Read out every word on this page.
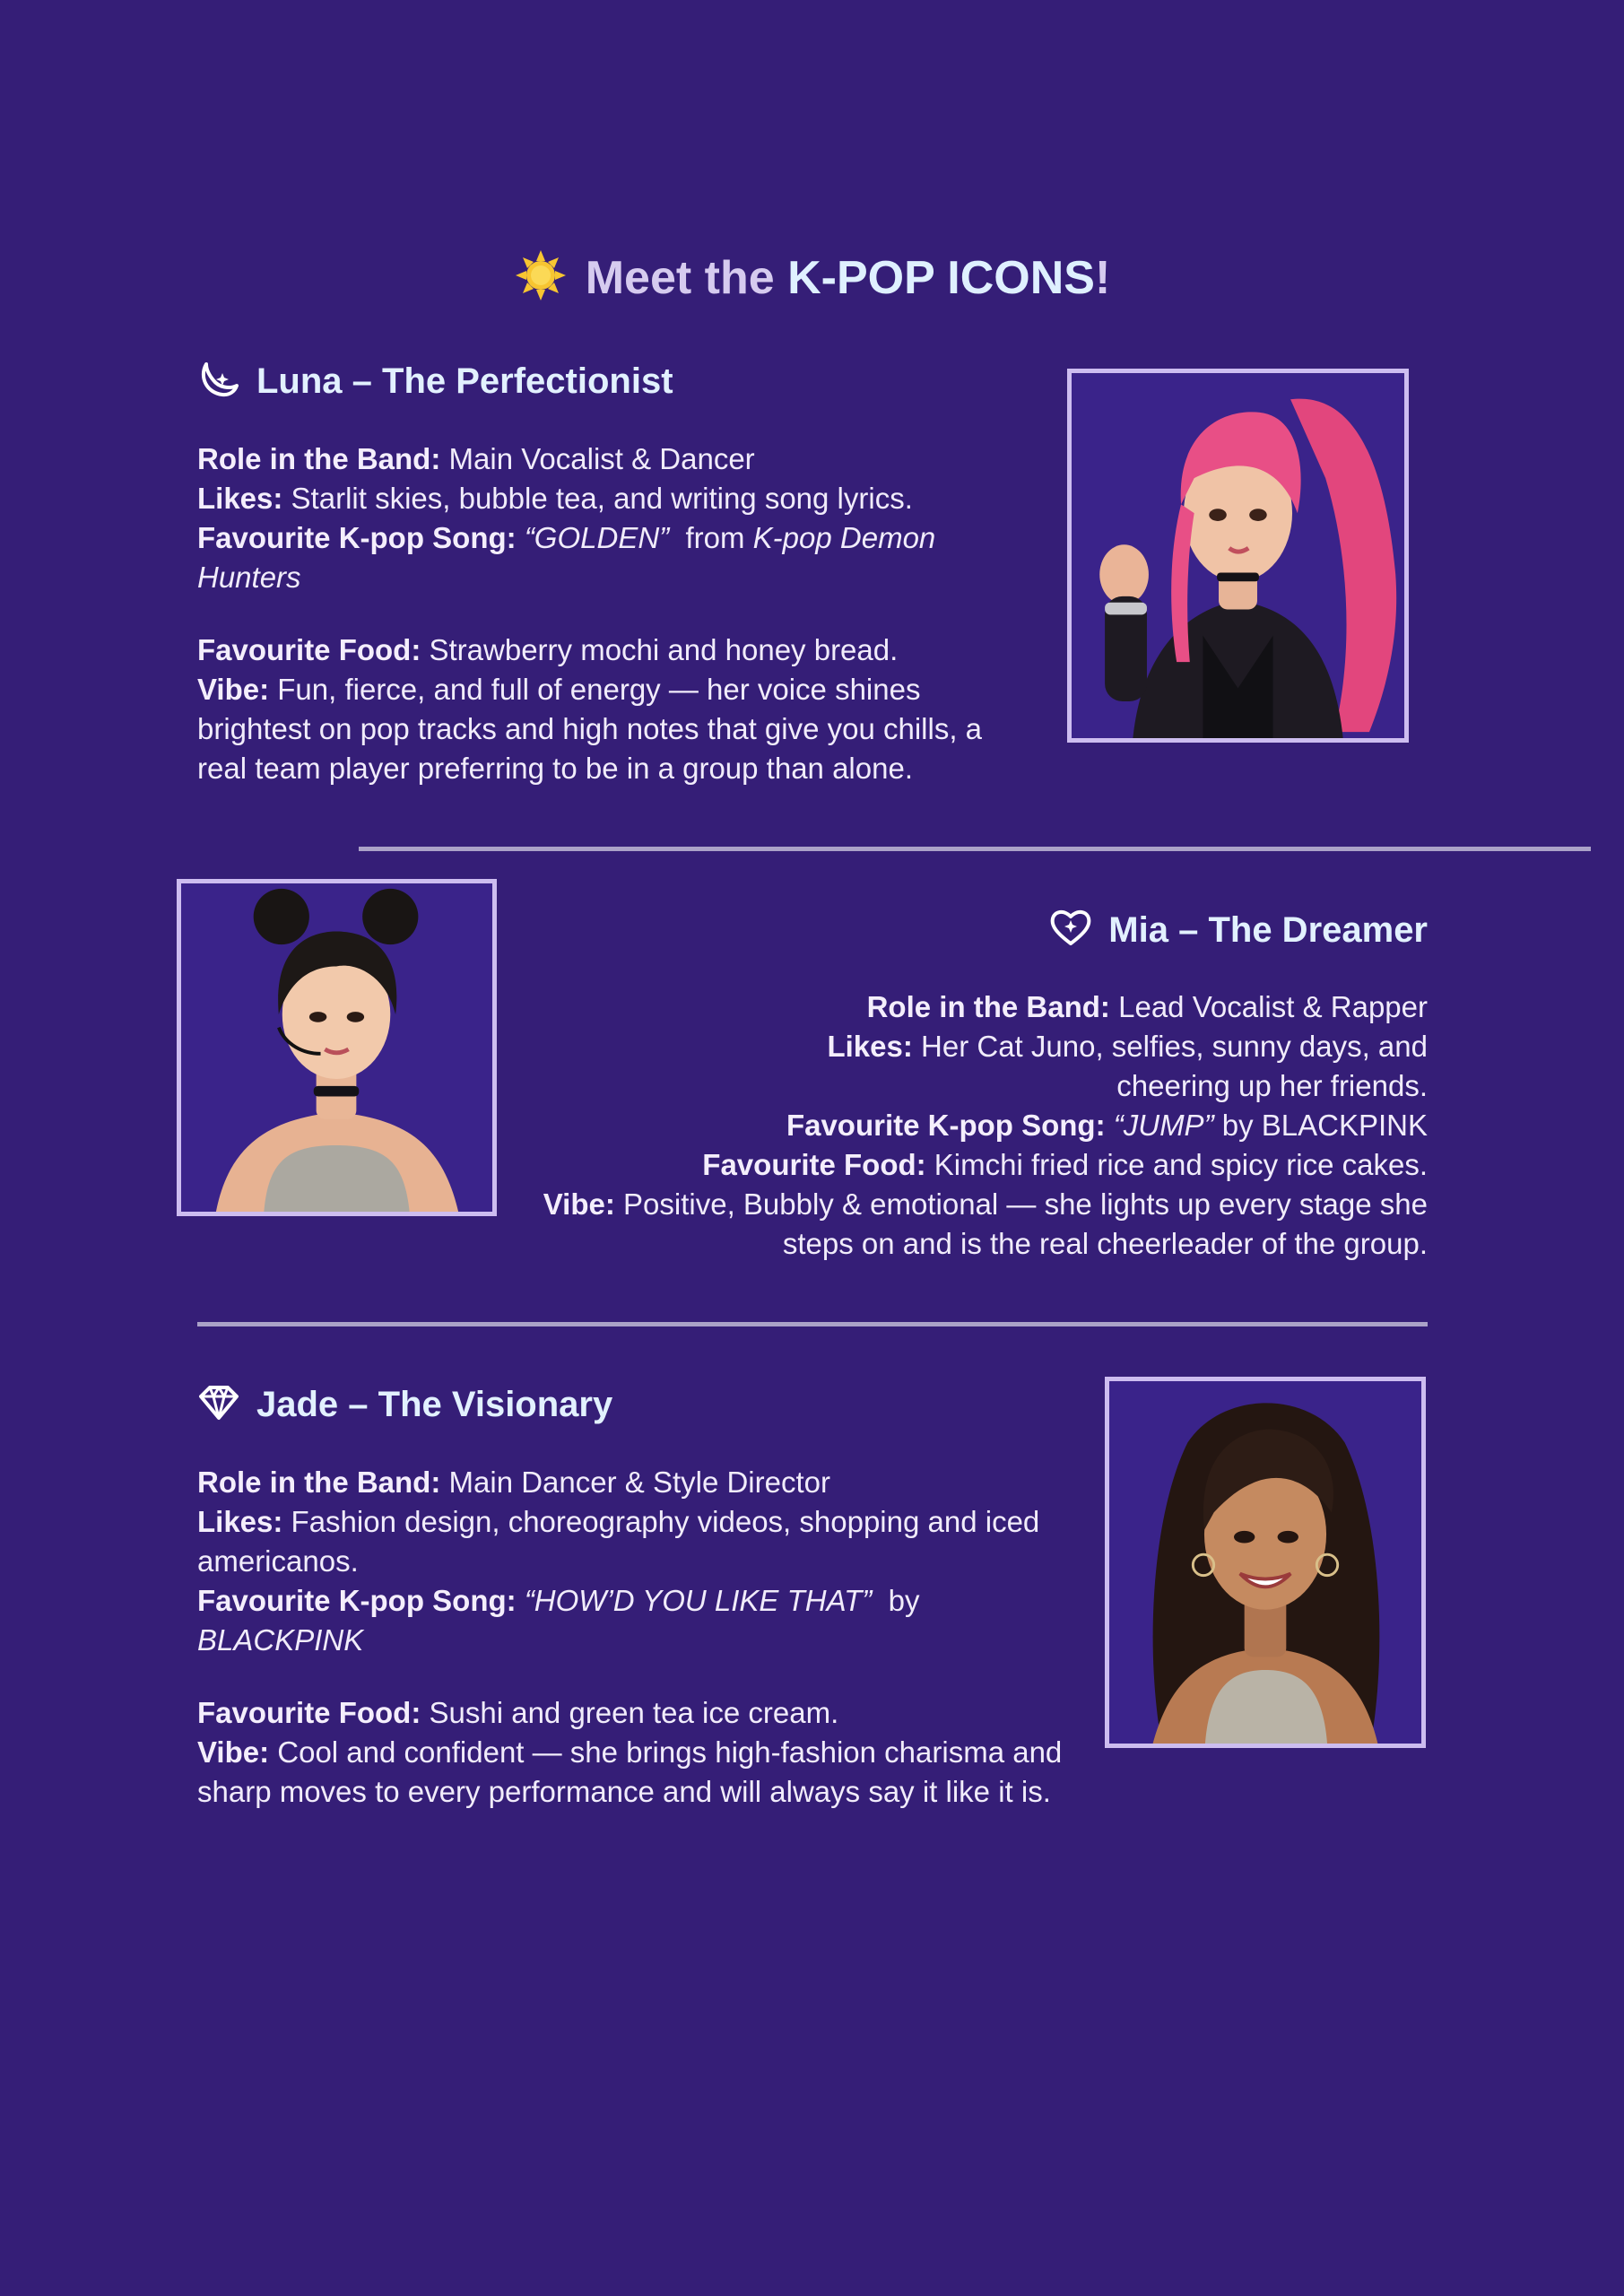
Meet the K-POP ICONS!
Luna – The Perfectionist

Role in the Band: Main Vocalist & Dancer

Likes: Starlit skies, bubble tea, and writing song lyrics.

Favourite K-pop Song: “GOLDEN” from K-pop Demon Hunters

Favourite Food: Strawberry mochi and honey bread.

Vibe: Fun, fierce, and full of energy — her voice shines brightest on pop tracks and high notes that give you chills, a real team player preferring to be in a group than alone.

Mia – The Dreamer

Role in the Band: Lead Vocalist & Rapper

Likes: Her Cat Juno, selfies, sunny days, and cheering up her friends.

Favourite K-pop Song: “JUMP” by BLACKPINK

Favourite Food: Kimchi fried rice and spicy rice cakes.

Vibe: Positive, Bubbly & emotional — she lights up every stage she steps on and is the real cheerleader of the group.

Jade – The Visionary

Role in the Band: Main Dancer & Style Director

Likes: Fashion design, choreography videos, shopping and iced americanos.

Favourite K-pop Song: “HOW’D YOU LIKE THAT” by BLACKPINK

Favourite Food: Sushi and green tea ice cream.

Vibe: Cool and confident — she brings high-fashion charisma and sharp moves to every performance and will always say it like it is.
